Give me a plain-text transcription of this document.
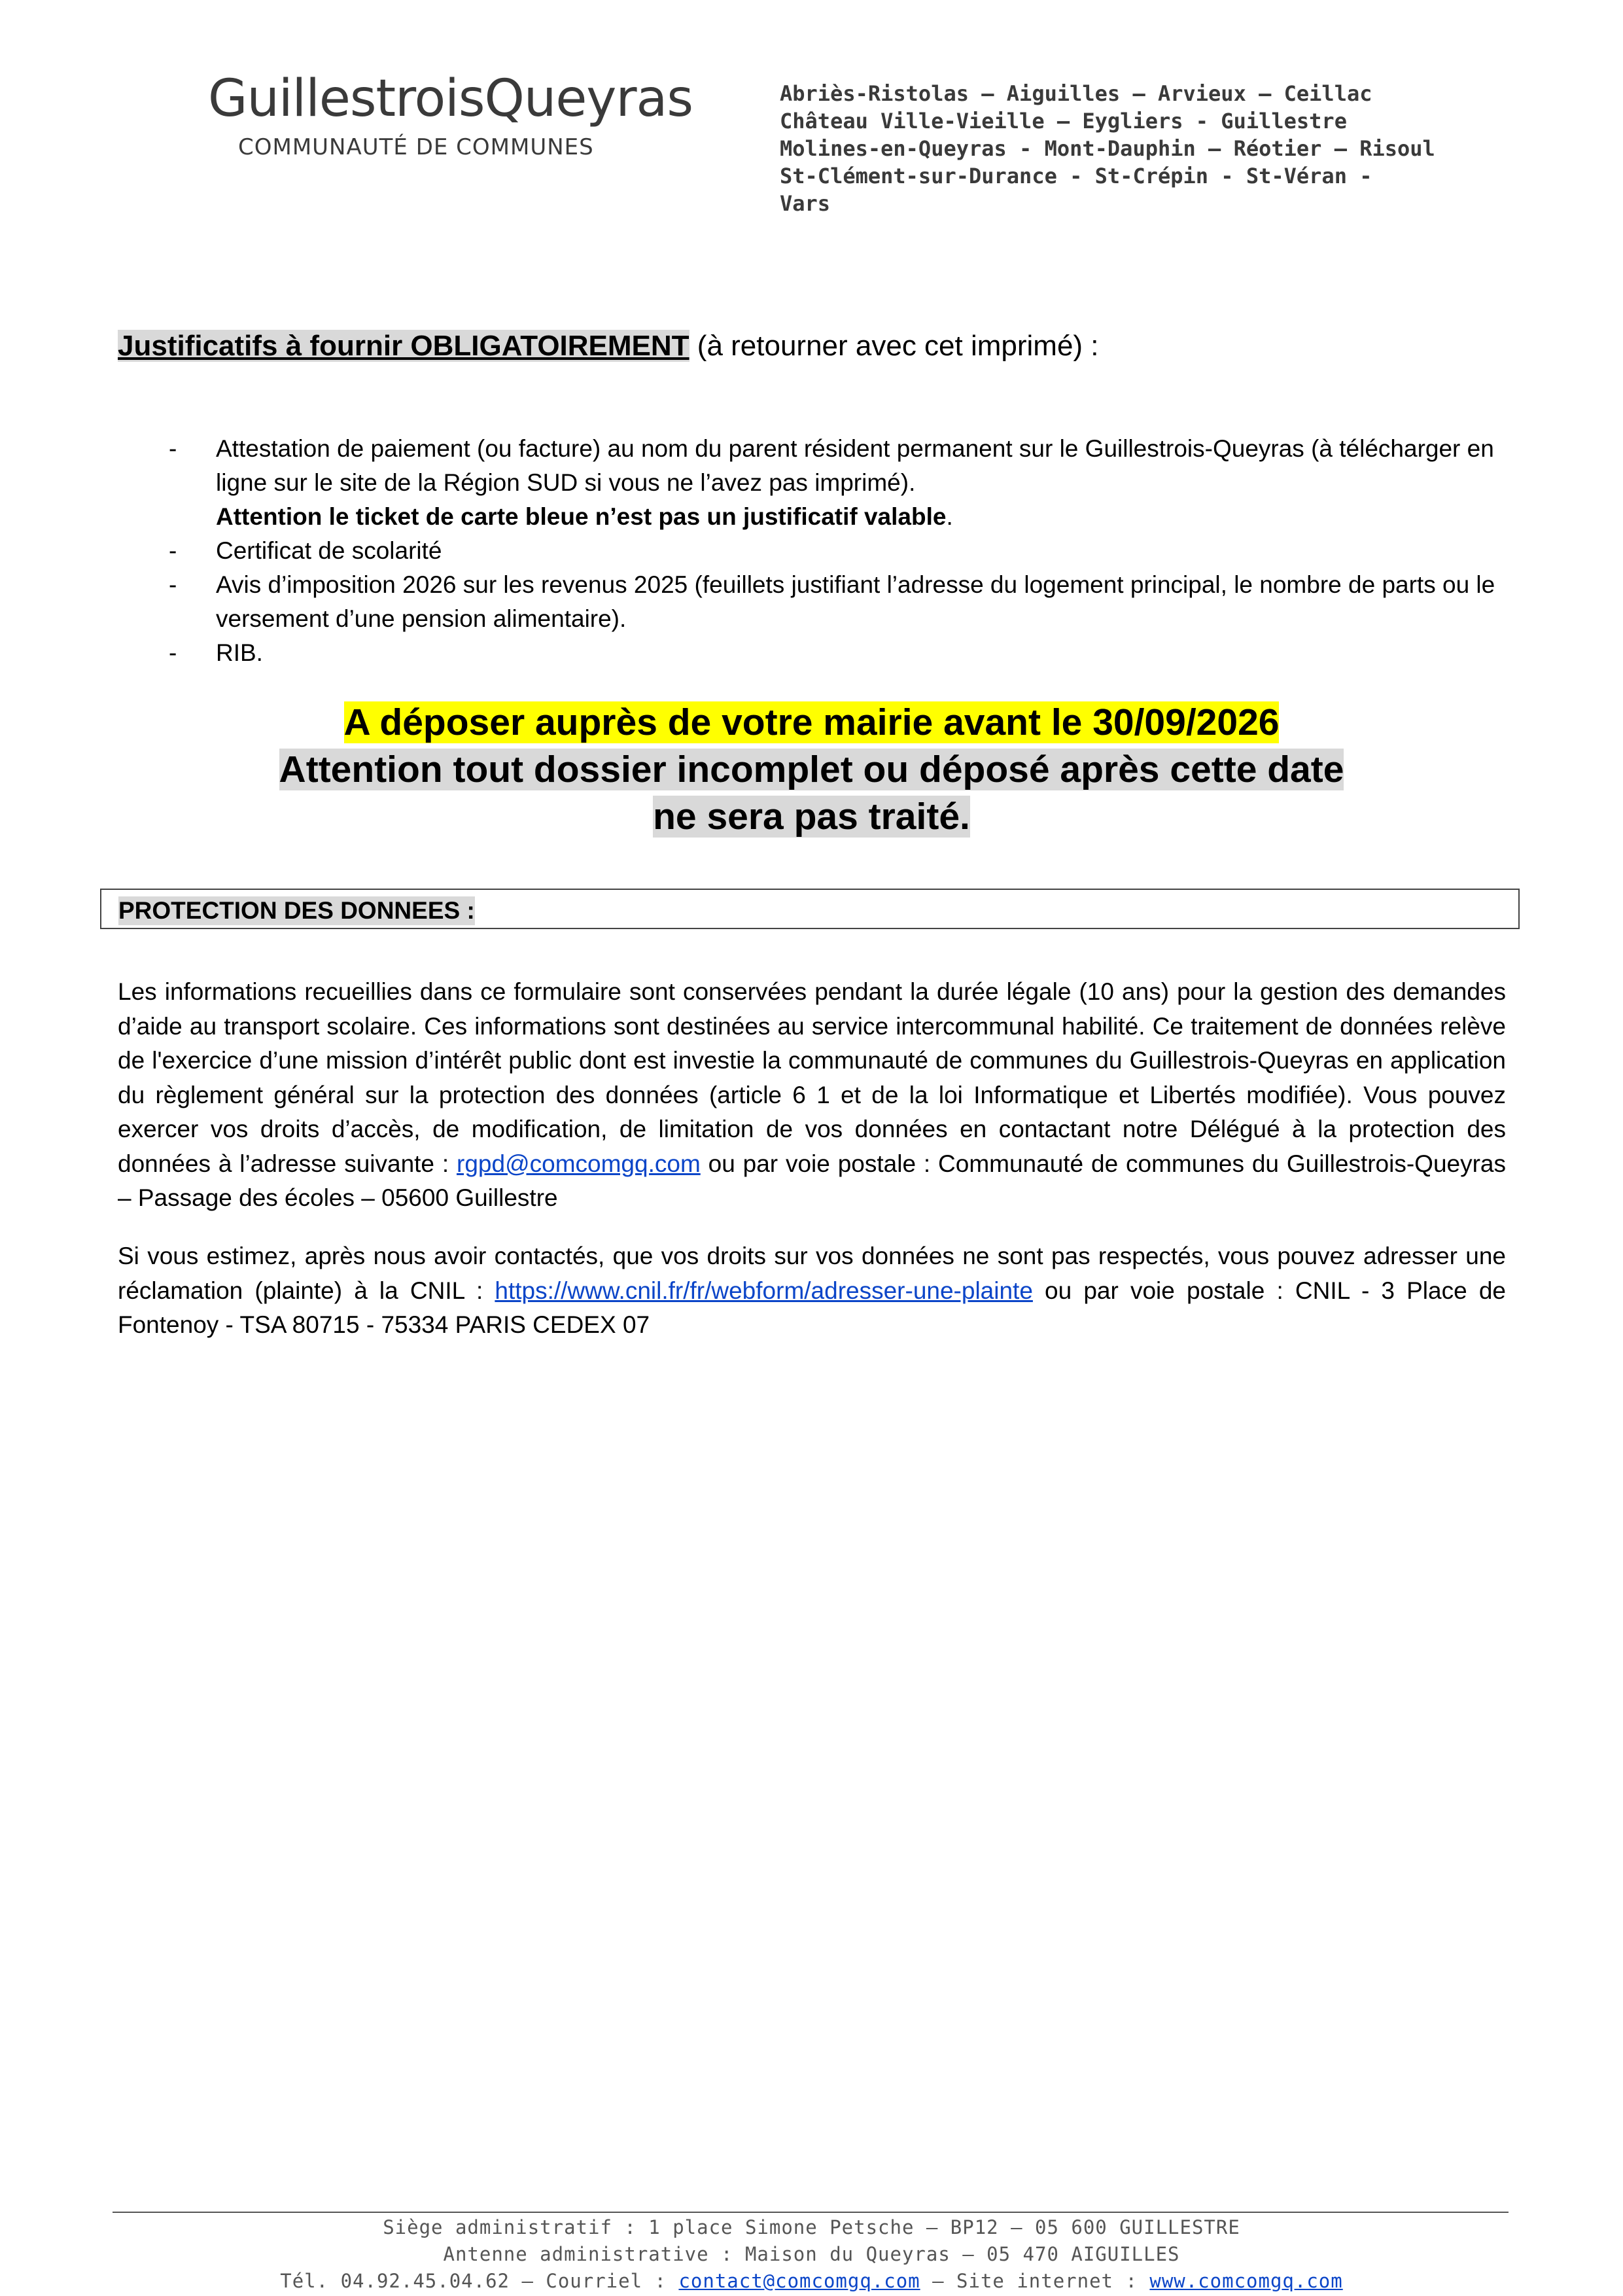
GuillestroisQueyras
COMMUNAUTÉ DE COMMUNES
Abriès-Ristolas – Aiguilles – Arvieux – Ceillac
Château Ville-Vieille – Eygliers - Guillestre
Molines-en-Queyras - Mont-Dauphin – Réotier – Risoul
St-Clément-sur-Durance - St-Crépin - St-Véran -
Vars
Justificatifs à fournir OBLIGATOIREMENT (à retourner avec cet imprimé) :
- Attestation de paiement (ou facture) au nom du parent résident permanent sur le Guillestrois-Queyras (à télécharger en ligne sur le site de la Région SUD si vous ne l’avez pas imprimé).
Attention le ticket de carte bleue n’est pas un justificatif valable.
- Certificat de scolarité
- Avis d’imposition 2026 sur les revenus 2025 (feuillets justifiant l’adresse du logement principal, le nombre de parts ou le versement d’une pension alimentaire).
- RIB.
A déposer auprès de votre mairie avant le 30/09/2026
Attention tout dossier incomplet ou déposé après cette date
ne sera pas traité.
PROTECTION DES DONNEES :
Les informations recueillies dans ce formulaire sont conservées pendant la durée légale (10 ans) pour la gestion des demandes d’aide au transport scolaire. Ces informations sont destinées au service intercommunal habilité. Ce traitement de données relève de l'exercice d’une mission d’intérêt public dont est investie la communauté de communes du Guillestrois-Queyras en application du règlement général sur la protection des données (article 6 1 et de la loi Informatique et Libertés modifiée). Vous pouvez exercer vos droits d’accès, de modification, de limitation de vos données en contactant notre Délégué à la protection des données à l’adresse suivante : rgpd@comcomgq.com ou par voie postale : Communauté de communes du Guillestrois-Queyras – Passage des écoles – 05600 Guillestre
Si vous estimez, après nous avoir contactés, que vos droits sur vos données ne sont pas respectés, vous pouvez adresser une réclamation (plainte) à la CNIL : https://www.cnil.fr/fr/webform/adresser-une-plainte ou par voie postale : CNIL - 3 Place de Fontenoy - TSA 80715 - 75334 PARIS CEDEX 07
Siège administratif : 1 place Simone Petsche – BP12 – 05 600 GUILLESTRE
Antenne administrative : Maison du Queyras – 05 470 AIGUILLES
Tél. 04.92.45.04.62 – Courriel : contact@comcomgq.com – Site internet : www.comcomgq.com
